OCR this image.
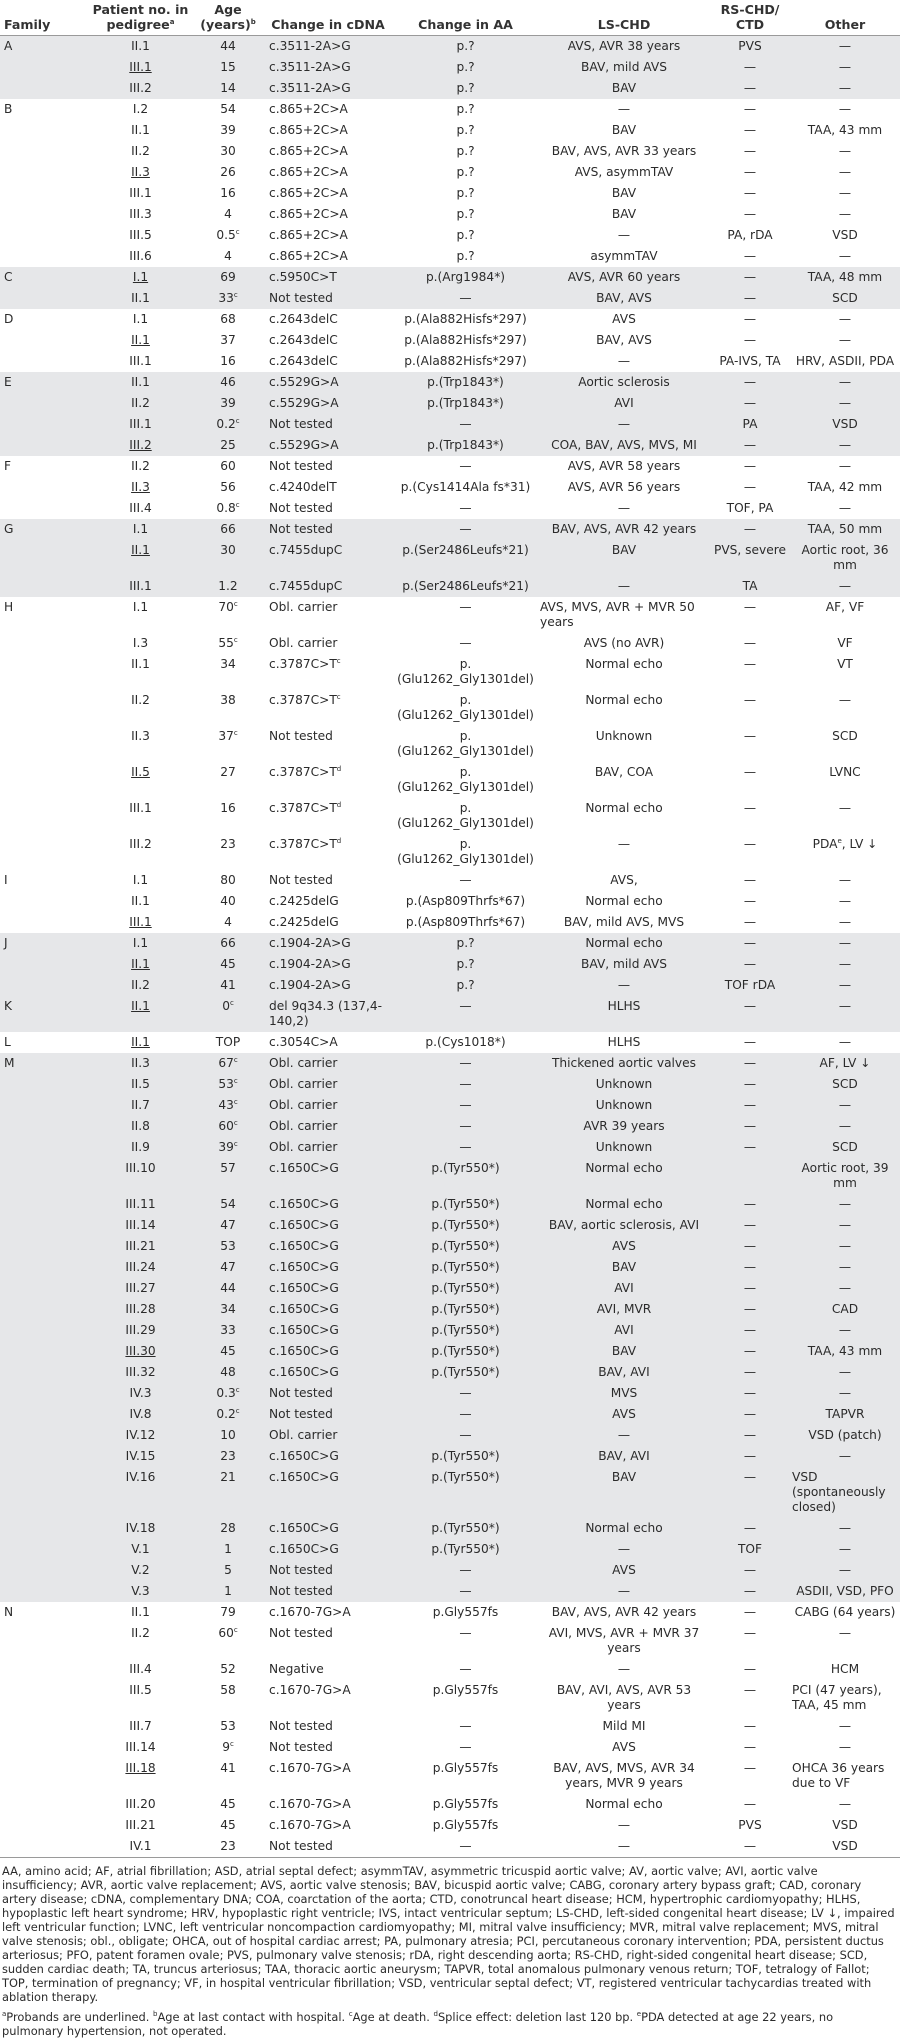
Family	Patient no. in pedigree$^a$	Age (years)$^b$	Change in cDNA	Change in AA	LS-CHD	RS-CHD/ CTD	Other
A	II.1	44	c.3511-2A>G	p.?	AVS, AVR 38 years	PVS	—
	III.1	15	c.3511-2A>G	p.?	BAV, mild AVS	—	—
	III.2	14	c.3511-2A>G	p.?	BAV	—	—
B	I.2	54	c.865+2C>A	p.?	—	—	—
	II.1	39	c.865+2C>A	p.?	BAV	—	TAA, 43 mm
	II.2	30	c.865+2C>A	p.?	BAV, AVS, AVR 33 years	—	—
	II.3	26	c.865+2C>A	p.?	AVS, asymmTAV	—	—
	III.1	16	c.865+2C>A	p.?	BAV	—	—
	III.3	4	c.865+2C>A	p.?	BAV	—	—
	III.5	0.5$^c$	c.865+2C>A	p.?	—	PA, rDA	VSD
	III.6	4	c.865+2C>A	p.?	asymmTAV	—	—
C	I.1	69	c.5950C>T	p.(Arg1984*)	AVS, AVR 60 years	—	TAA, 48 mm
	II.1	33$^c$	Not tested	—	BAV, AVS	—	SCD
D	I.1	68	c.2643delC	p.(Ala882Hisfs*297)	AVS	—	—
	II.1	37	c.2643delC	p.(Ala882Hisfs*297)	BAV, AVS	—	—
	III.1	16	c.2643delC	p.(Ala882Hisfs*297)	—	PA-IVS, TA	HRV, ASDII, PDA
E	II.1	46	c.5529G>A	p.(Trp1843*)	Aortic sclerosis	—	—
	II.2	39	c.5529G>A	p.(Trp1843*)	AVI	—	—
	III.1	0.2$^c$	Not tested	—	—	PA	VSD
	III.2	25	c.5529G>A	p.(Trp1843*)	COA, BAV, AVS, MVS, MI	—	—
F	II.2	60	Not tested	—	AVS, AVR 58 years	—	—
	II.3	56	c.4240delT	p.(Cys1414Ala fs*31)	AVS, AVR 56 years	—	TAA, 42 mm
	III.4	0.8$^c$	Not tested	—	—	TOF, PA	—
G	I.1	66	Not tested	—	BAV, AVS, AVR 42 years	—	TAA, 50 mm
	II.1	30	c.7455dupC	p.(Ser2486Leufs*21)	BAV	PVS, severe	Aortic root, 36 mm
	III.1	1.2	c.7455dupC	p.(Ser2486Leufs*21)	—	TA	—
H	I.1	70$^c$	Obl. carrier	—	AVS, MVS, AVR + MVR 50 years	—	AF, VF
	I.3	55$^c$	Obl. carrier	—	AVS (no AVR)	—	VF
	II.1	34	$c.3787C>T^c$	p.(Glu1262_Gly1301del)	Normal echo	—	VT
	II.2	38	$c.3787C>T^c$	p.(Glu1262_Gly1301del)	Normal echo	—	—
	II.3	37$^c$	Not tested	p.(Glu1262_Gly1301del)	Unknown	—	SCD
	II.5	27	$c.3787C>T^d$	p.(Glu1262_Gly1301del)	BAV, COA	—	LVNC
	III.1	16	$c.3787C>T^d$	p.(Glu1262_Gly1301del)	Normal echo	—	—
	III.2	23	$c.3787C>T^d$	p.(Glu1262_Gly1301del)	—	—	PDA$^e$, LV ↓
I	I.1	80	Not tested	—	AVS,	—	—
	II.1	40	c.2425delG	p.(Asp809Thrfs*67)	Normal echo	—	—
	III.1	4	c.2425delG	p.(Asp809Thrfs*67)	BAV, mild AVS, MVS	—	—
J	I.1	66	c.1904-2A>G	p.?	Normal echo	—	—
	II.1	45	c.1904-2A>G	p.?	BAV, mild AVS	—	—
	II.2	41	c.1904-2A>G	p.?	—	TOF rDA	—
K	II.1	0$^c$	del 9q34.3 (137,4-140,2)	—	HLHS	—	—
L	II.1	TOP	c.3054C>A	p.(Cys1018*)	HLHS	—	—
M	II.3	67$^c$	Obl. carrier	—	Thickened aortic valves	—	AF, LV ↓
	II.5	53$^c$	Obl. carrier	—	Unknown	—	SCD
	II.7	43$^c$	Obl. carrier	—	Unknown	—	—
	II.8	60$^c$	Obl. carrier	—	AVR 39 years	—	—
	II.9	39$^c$	Obl. carrier	—	Unknown	—	SCD
	III.10	57	c.1650C>G	p.(Tyr550*)	Normal echo		Aortic root, 39 mm
	III.11	54	c.1650C>G	p.(Tyr550*)	Normal echo	—	—
	III.14	47	c.1650C>G	p.(Tyr550*)	BAV, aortic sclerosis, AVI	—	—
	III.21	53	c.1650C>G	p.(Tyr550*)	AVS	—	—
	III.24	47	c.1650C>G	p.(Tyr550*)	BAV	—	—
	III.27	44	c.1650C>G	p.(Tyr550*)	AVI	—	—
	III.28	34	c.1650C>G	p.(Tyr550*)	AVI, MVR	—	CAD
	III.29	33	c.1650C>G	p.(Tyr550*)	AVI	—	—
	III.30	45	c.1650C>G	p.(Tyr550*)	BAV	—	TAA, 43 mm
	III.32	48	c.1650C>G	p.(Tyr550*)	BAV, AVI	—	—
	IV.3	0.3$^c$	Not tested	—	MVS	—	—
	IV.8	0.2$^c$	Not tested	—	AVS	—	TAPVR
	IV.12	10	Obl. carrier	—	—	—	VSD (patch)
	IV.15	23	c.1650C>G	p.(Tyr550*)	BAV, AVI	—	—
	IV.16	21	c.1650C>G	p.(Tyr550*)	BAV	—	VSD (spontaneously closed)
	IV.18	28	c.1650C>G	p.(Tyr550*)	Normal echo	—	—
	V.1	1	c.1650C>G	p.(Tyr550*)	—	TOF	—
	V.2	5	Not tested	—	AVS	—	—
	V.3	1	Not tested	—	—	—	ASDII, VSD, PFO
N	II.1	79	c.1670-7G>A	p.Gly557fs	BAV, AVS, AVR 42 years	—	CABG (64 years)
	II.2	60$^c$	Not tested	—	AVI, MVS, AVR + MVR 37 years	—	—
	III.4	52	Negative	—	—	—	HCM
	III.5	58	c.1670-7G>A	p.Gly557fs	BAV, AVI, AVS, AVR 53 years	—	PCI (47 years), TAA, 45 mm
	III.7	53	Not tested	—	Mild MI	—	—
	III.14	9$^c$	Not tested	—	AVS	—	—
	III.18	41	c.1670-7G>A	p.Gly557fs	BAV, AVS, MVS, AVR 34 years, MVR 9 years	—	OHCA 36 years due to VF
	III.20	45	c.1670-7G>A	p.Gly557fs	Normal echo	—	—
	III.21	45	c.1670-7G>A	p.Gly557fs	—	PVS	VSD
	IV.1	23	Not tested	—	—	—	VSD

AA, amino acid; AF, atrial fibrillation; ASD, atrial septal defect; asymmTAV, asymmetric tricuspid aortic valve; AV, aortic valve; AVI, aortic valve insufficiency; AVR, aortic valve replacement; AVS, aortic valve stenosis; BAV, bicuspid aortic valve; CABG, coronary artery bypass graft; CAD, coronary artery disease; cDNA, complementary DNA; COA, coarctation of the aorta; CTD, conotruncal heart disease; HCM, hypertrophic cardiomyopathy; HLHS, hypoplastic left heart syndrome; HRV, hypoplastic right ventricle; IVS, intact ventricular septum; LS-CHD, left-sided congenital heart disease; LV ↓, impaired left ventricular function; LVNC, left ventricular noncompaction cardiomyopathy; MI, mitral valve insufficiency; MVR, mitral valve replacement; MVS, mitral valve stenosis; obl., obligate; OHCA, out of hospital cardiac arrest; PA, pulmonary atresia; PCI, percutaneous coronary intervention; PDA, persistent ductus arteriosus; PFO, patent foramen ovale; PVS, pulmonary valve stenosis; rDA, right descending aorta; RS-CHD, right-sided congenital heart disease; SCD, sudden cardiac death; TA, truncus arteriosus; TAA, thoracic aortic aneurysm; TAPVR, total anomalous pulmonary venous return; TOF, tetralogy of Fallot; TOP, termination of pregnancy; VF, in hospital ventricular fibrillation; VSD, ventricular septal defect; VT, registered ventricular tachycardias treated with ablation therapy.

$^a$Probands are underlined. $^b$Age at last contact with hospital. $^c$Age at death. $^d$Splice effect: deletion last 120 bp. $^e$PDA detected at age 22 years, no pulmonary hypertension, not operated.
